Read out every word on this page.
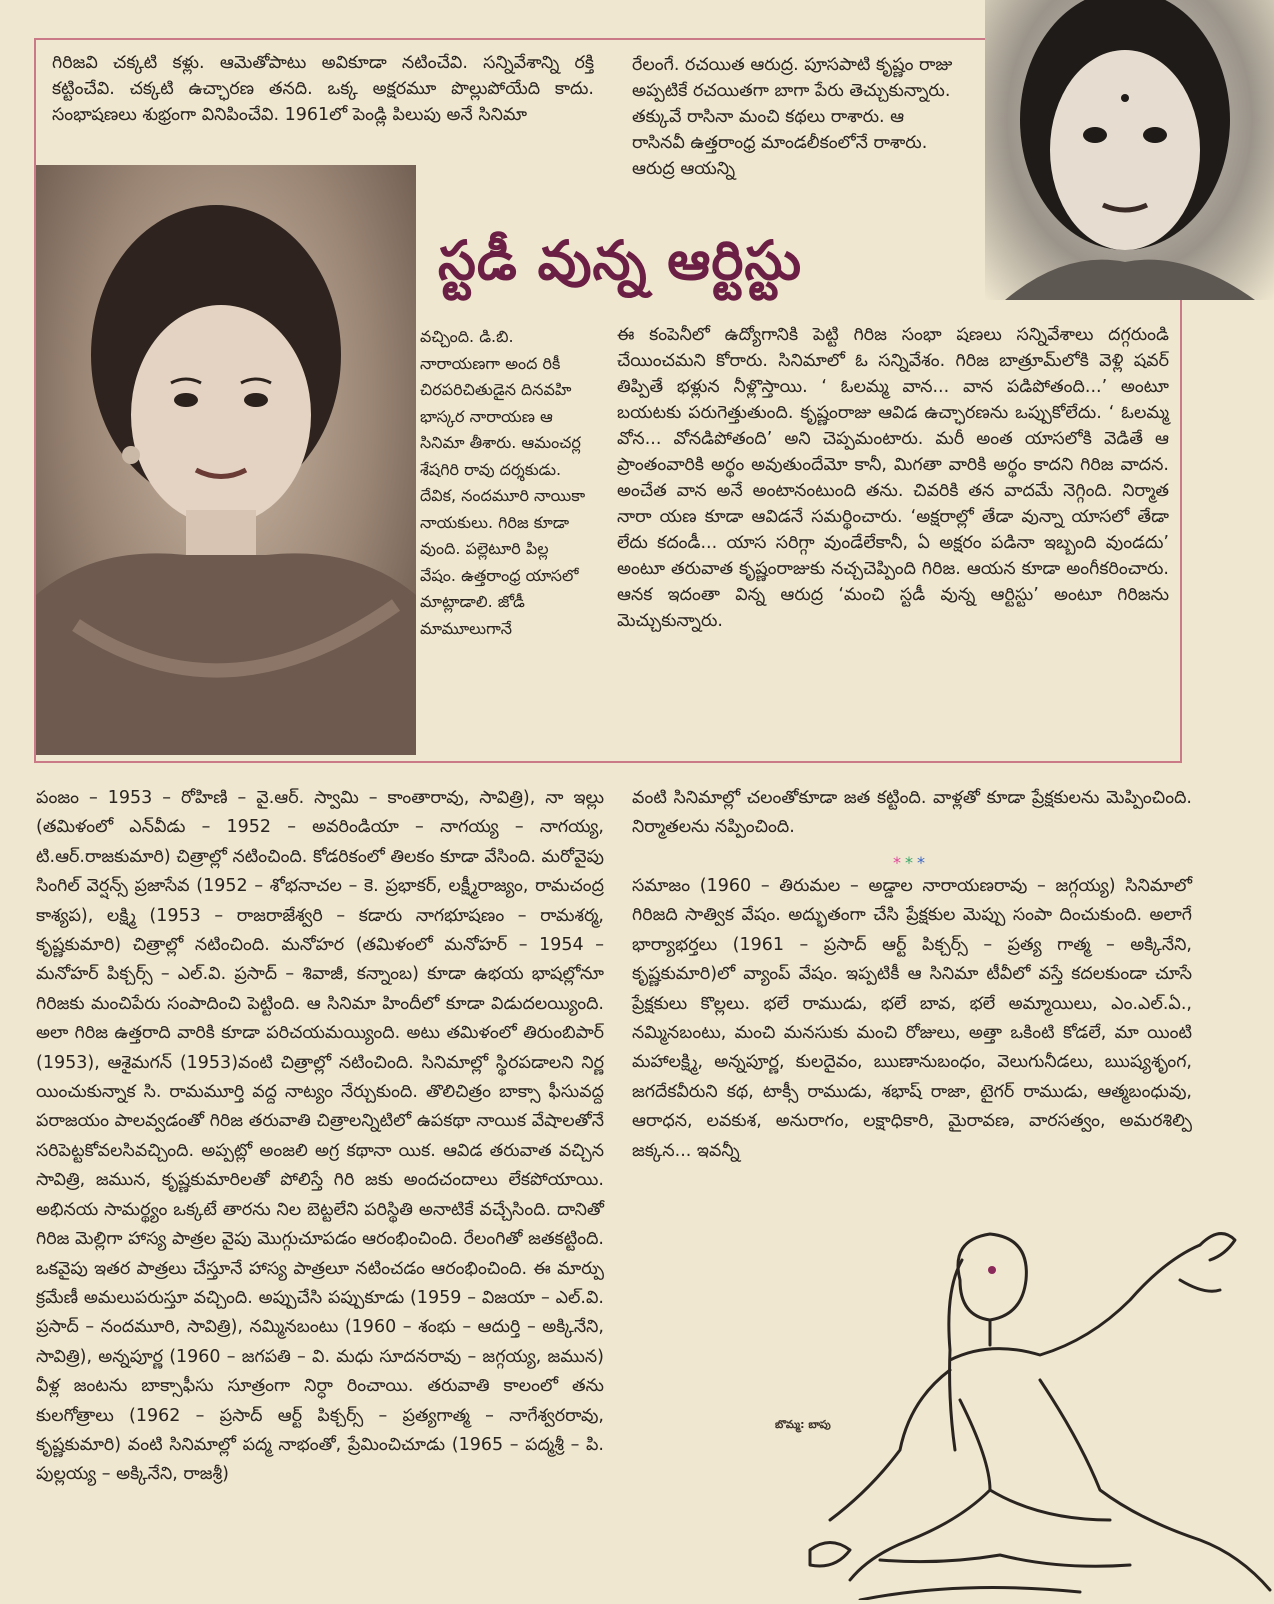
గిరిజవి చక్కటి కళ్లు. ఆమెతోపాటు అవికూడా నటించేవి. సన్నివేశాన్ని రక్తి కట్టించేవి. చక్కటి ఉచ్ఛారణ తనది. ఒక్క అక్షరమూ పొల్లుపోయేది కాదు. సంభాషణలు శుభ్రంగా వినిపించేవి. 1961లో పెండ్లి పిలుపు అనే సినిమా

స్టడీ వున్న ఆర్టిస్టు

వచ్చింది. డి.బి. నారాయణగా అంద రికీ చిరపరిచితుడైన దినవహి భాస్కర నారాయణ ఆ సినిమా తీశారు. ఆమంచర్ల శేషగిరి రావు దర్శకుడు. దేవిక, నందమూరి నాయికా నాయకులు. గిరిజ కూడా వుంది. పల్లెటూరి పిల్ల వేషం. ఉత్తరాంధ్ర యాసలో మాట్లాడాలి. జోడీ మామూలుగానే

రేలంగే. రచయిత ఆరుద్ర. పూసపాటి కృష్ణం రాజు అప్పటికే రచయితగా బాగా పేరు తెచ్చుకున్నారు. తక్కువే రాసినా మంచి కథలు రాశారు. ఆ రాసినవీ ఉత్తరాంధ్ర మాండలీకంలోనే రాశారు. ఆరుద్ర ఆయన్ని

ఈ కంపెనీలో ఉద్యోగానికి పెట్టి గిరిజ సంభా షణలు సన్నివేశాలు దగ్గరుండి చేయించమని కోరారు. సినిమాలో ఓ సన్నివేశం. గిరిజ బాత్రూమ్‌లోకి వెళ్లి షవర్ తిప్పితే భళ్లున నీళ్లొస్తాయి. ‘ ఓలమ్మ వాన... వాన పడిపోతంది...’ అంటూ బయటకు పరుగెత్తుతుంది. కృష్ణంరాజు ఆవిడ ఉచ్ఛారణను ఒప్పుకోలేదు. ‘ ఓలమ్మ వోన... వోనడిపోతంది’ అని చెప్పమంటారు. మరీ అంత యాసలోకి వెడితే ఆ ప్రాంతంవారికి అర్థం అవుతుందేమో కానీ, మిగతా వారికి అర్థం కాదని గిరిజ వాదన. అంచేత వాన అనే అంటానంటుంది తను. చివరికి తన వాదమే నెగ్గింది. నిర్మాత నారా యణ కూడా ఆవిడనే సమర్థించారు. ‘అక్షరాల్లో తేడా వున్నా యాసలో తేడా లేదు కదండీ... యాస సరిగ్గా వుండేలేకానీ, ఏ అక్షరం పడినా ఇబ్బంది వుండదు’ అంటూ తరువాత కృష్ణంరాజుకు నచ్చచెప్పింది గిరిజ. ఆయన కూడా అంగీకరించారు. ఆనక ఇదంతా విన్న ఆరుద్ర ‘మంచి స్టడీ వున్న ఆర్టిస్టు’ అంటూ గిరిజను మెచ్చుకున్నారు.

పంజం – 1953 – రోహిణి – వై.ఆర్. స్వామి – కాంతారావు, సావిత్రి), నా ఇల్లు (తమిళంలో ఎన్‌వీడు – 1952 – అవరిండియా – నాగయ్య – నాగయ్య, టి.ఆర్.రాజకుమారి) చిత్రాల్లో నటించింది. కోడరికంలో తిలకం కూడా వేసింది. మరోవైపు సింగిల్ వెర్షన్స్ ప్రజాసేవ (1952 – శోభనాచల – కె. ప్రభాకర్, లక్ష్మీరాజ్యం, రామచంద్ర కాశ్యప), లక్ష్మి (1953 – రాజరాజేశ్వరి – కడారు నాగభూషణం – రామశర్మ, కృష్ణకుమారి) చిత్రాల్లో నటించింది. మనోహర (తమిళంలో మనోహర్ – 1954 – మనోహర్ పిక్చర్స్ – ఎల్.వి. ప్రసాద్ – శివాజీ, కన్నాంబ) కూడా ఉభయ భాషల్లోనూ గిరిజకు మంచిపేరు సంపాదించి పెట్టింది. ఆ సినిమా హిందీలో కూడా విడుదలయ్యింది. అలా గిరిజ ఉత్తరాది వారికి కూడా పరిచయమయ్యింది. అటు తమిళంలో తిరుంబిపార్ (1953), ఆశైమగన్ (1953)వంటి చిత్రాల్లో నటించింది. సినిమాల్లో స్థిరపడాలని నిర్ణ యించుకున్నాక సి. రామమూర్తి వద్ద నాట్యం నేర్చుకుంది. తొలిచిత్రం బాక్సా ఫీసువద్ద పరాజయం పాలవ్వడంతో గిరిజ తరువాతి చిత్రాలన్నిటిలో ఉపకథా నాయిక వేషాలతోనే సరిపెట్టకోవలసివచ్చింది. అప్పట్లో అంజలి అగ్ర కథానా యిక. ఆవిడ తరువాత వచ్చిన సావిత్రి, జమున, కృష్ణకుమారిలతో పోలిస్తే గిరి జకు అందచందాలు లేకపోయాయి. అభినయ సామర్థ్యం ఒక్కటే తారను నిల బెట్టలేని పరిస్థితి అనాటికే వచ్చేసింది. దానితో గిరిజ మెల్లిగా హాస్య పాత్రల వైపు మొగ్గుచూపడం ఆరంభించింది. రేలంగితో జతకట్టింది. ఒకవైపు ఇతర పాత్రలు చేస్తూనే హాస్య పాత్రలూ నటించడం ఆరంభించింది. ఈ మార్పు క్రమేణీ అమలుపరుస్తూ వచ్చింది. అప్పుచేసి పప్పుకూడు (1959 – విజయా – ఎల్.వి. ప్రసాద్ – నందమూరి, సావిత్రి), నమ్మినబంటు (1960 – శంభు – ఆదుర్తి – అక్కినేని, సావిత్రి), అన్నపూర్ణ (1960 – జగపతి – వి. మధు సూదనరావు – జగ్గయ్య, జమున) వీళ్ల జంటను బాక్సాఫీసు సూత్రంగా నిర్ధా రించాయి. తరువాతి కాలంలో తను కులగోత్రాలు (1962 – ప్రసాద్ ఆర్ట్ పిక్చర్స్ – ప్రత్యగాత్మ – నాగేశ్వరరావు, కృష్ణకుమారి) వంటి సినిమాల్లో పద్మ నాభంతో, ప్రేమించిచూడు (1965 – పద్మశ్రీ – పి. పుల్లయ్య – అక్కినేని, రాజశ్రీ)

వంటి సినిమాల్లో చలంతోకూడా జత కట్టింది. వాళ్లతో కూడా ప్రేక్షకులను మెప్పించింది. నిర్మాతలను నప్పించింది.

***

సమాజం (1960 – తిరుమల – అడ్డాల నారాయణరావు – జగ్గయ్య) సినిమాలో గిరిజది సాత్విక వేషం. అద్భుతంగా చేసి ప్రేక్షకుల మెప్పు సంపా దించుకుంది. అలాగే భార్యాభర్తలు (1961 – ప్రసాద్ ఆర్ట్ పిక్చర్స్ – ప్రత్య గాత్మ – అక్కినేని, కృష్ణకుమారి)లో వ్యాంప్ వేషం. ఇప్పటికీ ఆ సినిమా టీవీలో వస్తే కదలకుండా చూసే ప్రేక్షకులు కొల్లలు. భలే రాముడు, భలే బావ, భలే అమ్మాయిలు, ఎం.ఎల్.ఏ., నమ్మినబంటు, మంచి మనసుకు మంచి రోజులు, అత్తా ఒకింటి కోడలే, మా యింటి మహాలక్ష్మి, అన్నపూర్ణ, కులదైవం, ఋణానుబంధం, వెలుగునీడలు, ఋష్యశృంగ, జగదేకవీరుని కథ, టాక్సీ రాముడు, శభాష్ రాజా, టైగర్ రాముడు, ఆత్మబంధువు, ఆరాధన, లవకుశ, అనురాగం, లక్షాధికారి, మైరావణ, వారసత్వం, అమరశిల్పి జక్కన... ఇవన్నీ

బొమ్మ: బాపు
